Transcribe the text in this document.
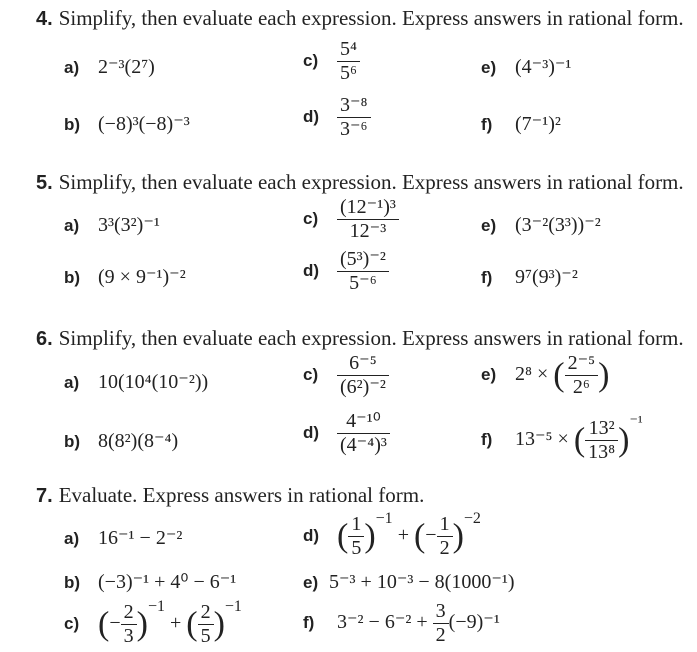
4. Simplify, then evaluate each expression. Express answers in rational form.
a) 2⁻³(2⁷)
b) (−8)³(−8)⁻³
$c) \frac{\text{5⁴}}{\text{5⁶}}$
$d) \frac{\text{3⁻⁸}}{\text{3⁻⁶}}$
e) (4⁻³)⁻¹
f) (7⁻¹)²
5. Simplify, then evaluate each expression. Express answers in rational form.
a) 3³(3²)⁻¹
b) (9 × 9⁻¹)⁻²
$c) \frac{\text{(12⁻¹)³}}{\text{12⁻³}}$
$d) \frac{\text{(5³)⁻²}}{\text{5⁻⁶}}$
e) (3⁻²(3³))⁻²
f) 9⁷(9³)⁻²
6. Simplify, then evaluate each expression. Express answers in rational form.
a) 10(10⁴(10⁻²))
b) 8(8²)(8⁻⁴)
$c) \frac{\text{6⁻⁵}}{\text{(6²)⁻²}}$
$d) \frac{\text{4⁻¹⁰}}{\text{(4⁻⁴)³}}$
e) 2⁸ × ( $\frac{\text{2⁻⁵}}{\text{2⁶}}$ )
f) 13⁻⁵ × ( $\frac{\text{13²}}{\text{13⁸}} )^{^{-1}}$
7. Evaluate. Express answers in rational form.
a) 16⁻¹ − 2⁻²
b) (−3)⁻¹ + 4⁰ − 6⁻¹
c) (− $\frac{2}{3} )^{-1}$ + ( $\frac{2}{5} )^{-1}$
d) ( $\frac{1}{5} )^{-1}$ + (− $\frac{1}{2} )^{-2}$
e) 5⁻³ + 10⁻³ − 8(1000⁻¹)
f) $3^{-2} - 6^{-2} + \frac{3}{2} (-9)^{-1}$
